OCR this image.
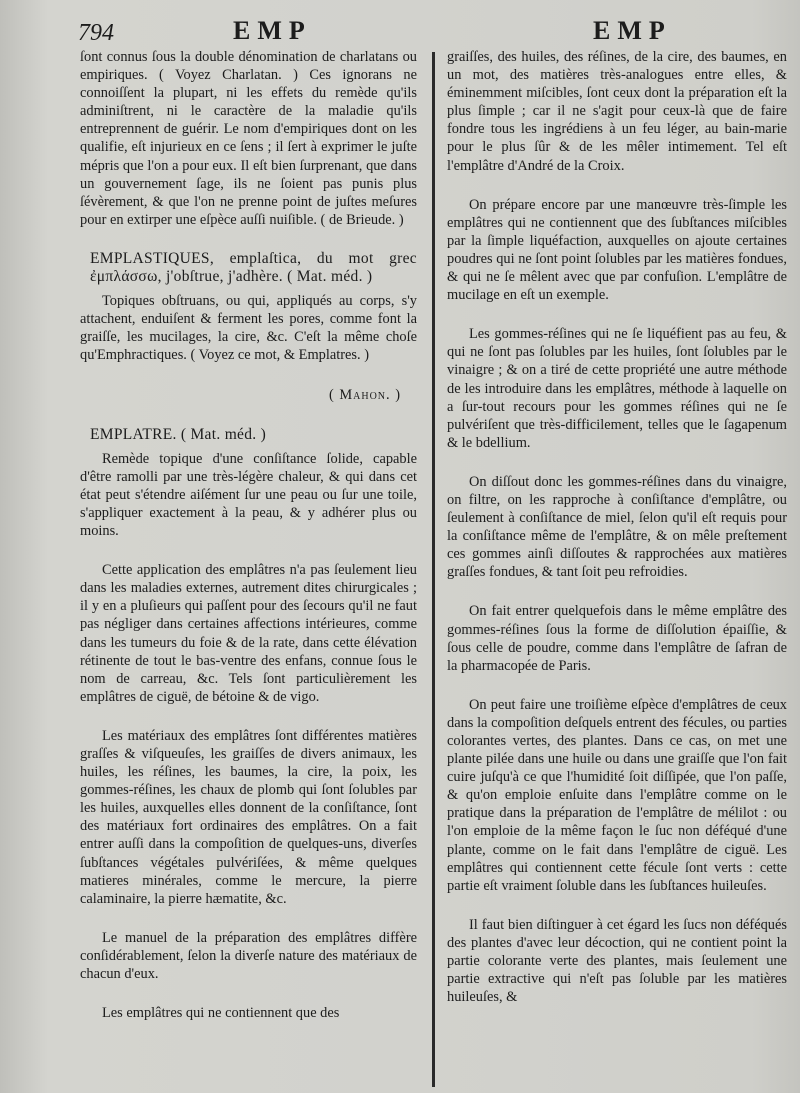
794	EMP	EMP

ſont connus ſous la double dénomination de charlatans ou empiriques. ( Voyez Charlatan. ) Ces ignorans ne connoiſſent la plupart, ni les effets du remède qu'ils adminiſtrent, ni le caractère de la maladie qu'ils entreprennent de guérir. Le nom d'empiriques dont on les qualifie, eſt injurieux en ce ſens ; il ſert à exprimer le juſte mépris que l'on a pour eux. Il eſt bien ſurprenant, que dans un gouvernement ſage, ils ne ſoient pas punis plus ſévèrement, & que l'on ne prenne point de juſtes meſures pour en extirper une eſpèce auſſi nuiſible. ( de Brieude. )

EMPLASTIQUES, emplaſtica, du mot grec ἐμπλάσσω, j'obſtrue, j'adhère. ( Mat. méd. )

Topiques obſtruans, ou qui, appliqués au corps, s'y attachent, enduiſent & ferment les pores, comme font la graiſſe, les mucilages, la cire, &c. C'eſt la même choſe qu'Emphractiques. ( Voyez ce mot, & Emplatres. )

( Mahon. )

EMPLATRE. ( Mat. méd. )

Remède topique d'une conſiſtance ſolide, capable d'être ramolli par une très-légère chaleur, & qui dans cet état peut s'étendre aiſément ſur une peau ou ſur une toile, s'appliquer exactement à la peau, & y adhérer plus ou moins.

Cette application des emplâtres n'a pas ſeulement lieu dans les maladies externes, autrement dites chirurgicales ; il y en a pluſieurs qui paſſent pour des ſecours qu'il ne faut pas négliger dans certaines affections intérieures, comme dans les tumeurs du foie & de la rate, dans cette élévation rétinente de tout le bas-ventre des enfans, connue ſous le nom de carreau, &c. Tels ſont particulièrement les emplâtres de ciguë, de bétoine & de vigo.

Les matériaux des emplâtres ſont différentes matières graſſes & viſqueuſes, les graiſſes de divers animaux, les huiles, les réſines, les baumes, la cire, la poix, les gommes-réſines, les chaux de plomb qui ſont ſolubles par les huiles, auxquelles elles donnent de la conſiſtance, ſont des matériaux fort ordinaires des emplâtres. On a fait entrer auſſi dans la compoſition de quelques-uns, diverſes ſubſtances végétales pulvériſées, & même quelques matieres minérales, comme le mercure, la pierre calaminaire, la pierre hæmatite, &c.

Le manuel de la préparation des emplâtres diffère conſidérablement, ſelon la diverſe nature des matériaux de chacun d'eux.

Les emplâtres qui ne contiennent que des

graiſſes, des huiles, des réſines, de la cire, des baumes, en un mot, des matières très-analogues entre elles, & éminemment miſcibles, ſont ceux dont la préparation eſt la plus ſimple ; car il ne s'agit pour ceux-là que de faire fondre tous les ingrédiens à un feu léger, au bain-marie pour le plus ſûr & de les mêler intimement. Tel eſt l'emplâtre d'André de la Croix.

On prépare encore par une manœuvre très-ſimple les emplâtres qui ne contiennent que des ſubſtances miſcibles par la ſimple liquéfaction, auxquelles on ajoute certaines poudres qui ne ſont point ſolubles par les matières fondues, & qui ne ſe mêlent avec que par confuſion. L'emplâtre de mucilage en eſt un exemple.

Les gommes-réſines qui ne ſe liquéfient pas au feu, & qui ne ſont pas ſolubles par les huiles, ſont ſolubles par le vinaigre ; & on a tiré de cette propriété une autre méthode de les introduire dans les emplâtres, méthode à laquelle on a ſur-tout recours pour les gommes réſines qui ne ſe pulvériſent que très-difficilement, telles que le ſagapenum & le bdellium.

On diſſout donc les gommes-réſines dans du vinaigre, on filtre, on les rapproche à conſiſtance d'emplâtre, ou ſeulement à conſiſtance de miel, ſelon qu'il eſt requis pour la conſiſtance même de l'emplâtre, & on mêle preſtement ces gommes ainſi diſſoutes & rapprochées aux matières graſſes fondues, & tant ſoit peu refroidies.

On fait entrer quelquefois dans le même emplâtre des gommes-réſines ſous la forme de diſſolution épaiſſie, & ſous celle de poudre, comme dans l'emplâtre de ſafran de la pharmacopée de Paris.

On peut faire une troiſième eſpèce d'emplâtres de ceux dans la compoſition deſquels entrent des fécules, ou parties colorantes vertes, des plantes. Dans ce cas, on met une plante pilée dans une huile ou dans une graiſſe que l'on fait cuire juſqu'à ce que l'humidité ſoit diſſipée, que l'on paſſe, & qu'on emploie enſuite dans l'emplâtre comme on le pratique dans la préparation de l'emplâtre de mélilot : ou l'on emploie de la même façon le ſuc non déféqué d'une plante, comme on le fait dans l'emplâtre de ciguë. Les emplâtres qui contiennent cette fécule ſont verts : cette partie eſt vraiment ſoluble dans les ſubſtances huileuſes.

Il faut bien diſtinguer à cet égard les ſucs non déféqués des plantes d'avec leur décoction, qui ne contient point la partie colorante verte des plantes, mais ſeulement une partie extractive qui n'eſt pas ſoluble par les matières huileuſes, &
